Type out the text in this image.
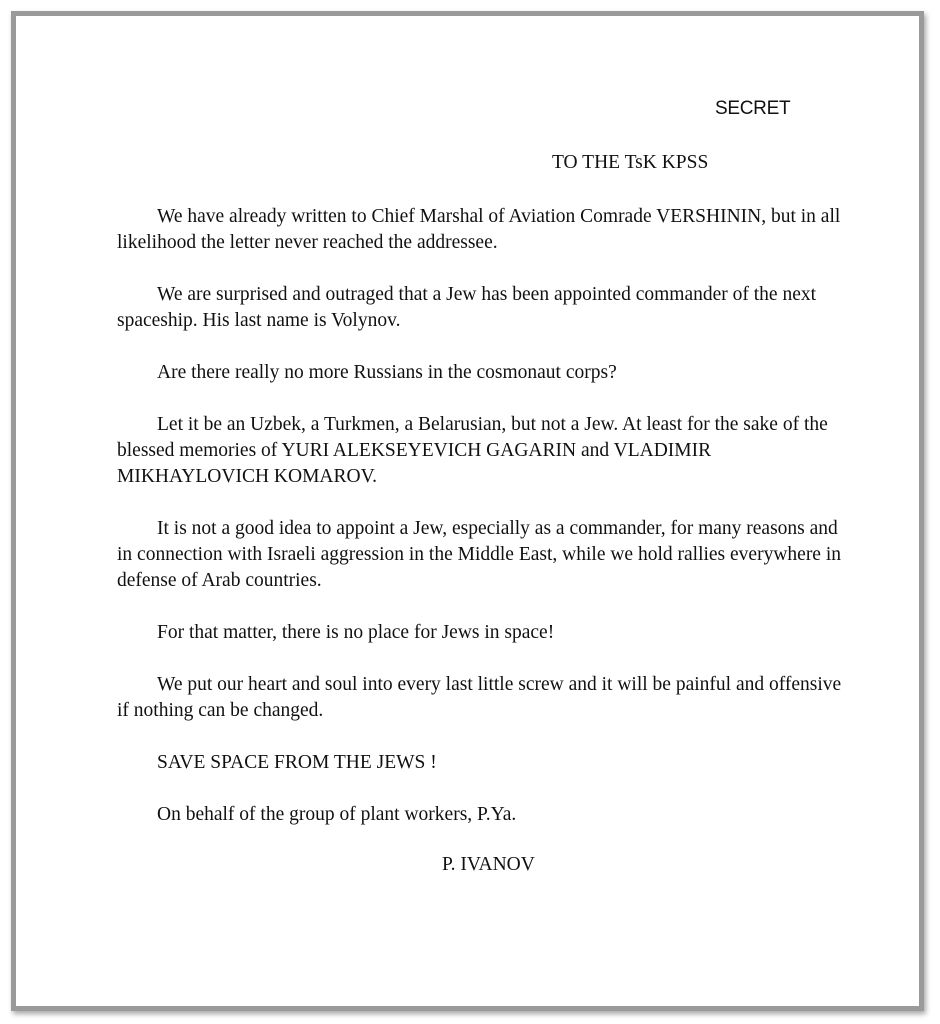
SECRET
TO THE TsK KPSS

We have already written to Chief Marshal of Aviation Comrade VERSHININ, but in all likelihood the letter never reached the addressee.

We are surprised and outraged that a Jew has been appointed commander of the next spaceship. His last name is Volynov.

Are there really no more Russians in the cosmonaut corps?

Let it be an Uzbek, a Turkmen, a Belarusian, but not a Jew. At least for the sake of the blessed memories of YURI ALEKSEYEVICH GAGARIN and VLADIMIR MIKHAYLOVICH KOMAROV.

It is not a good idea to appoint a Jew, especially as a commander, for many reasons and in connection with Israeli aggression in the Middle East, while we hold rallies everywhere in defense of Arab countries.

For that matter, there is no place for Jews in space!

We put our heart and soul into every last little screw and it will be painful and offensive if nothing can be changed.

SAVE SPACE FROM THE JEWS !

On behalf of the group of plant workers, P.Ya.

P. IVANOV
